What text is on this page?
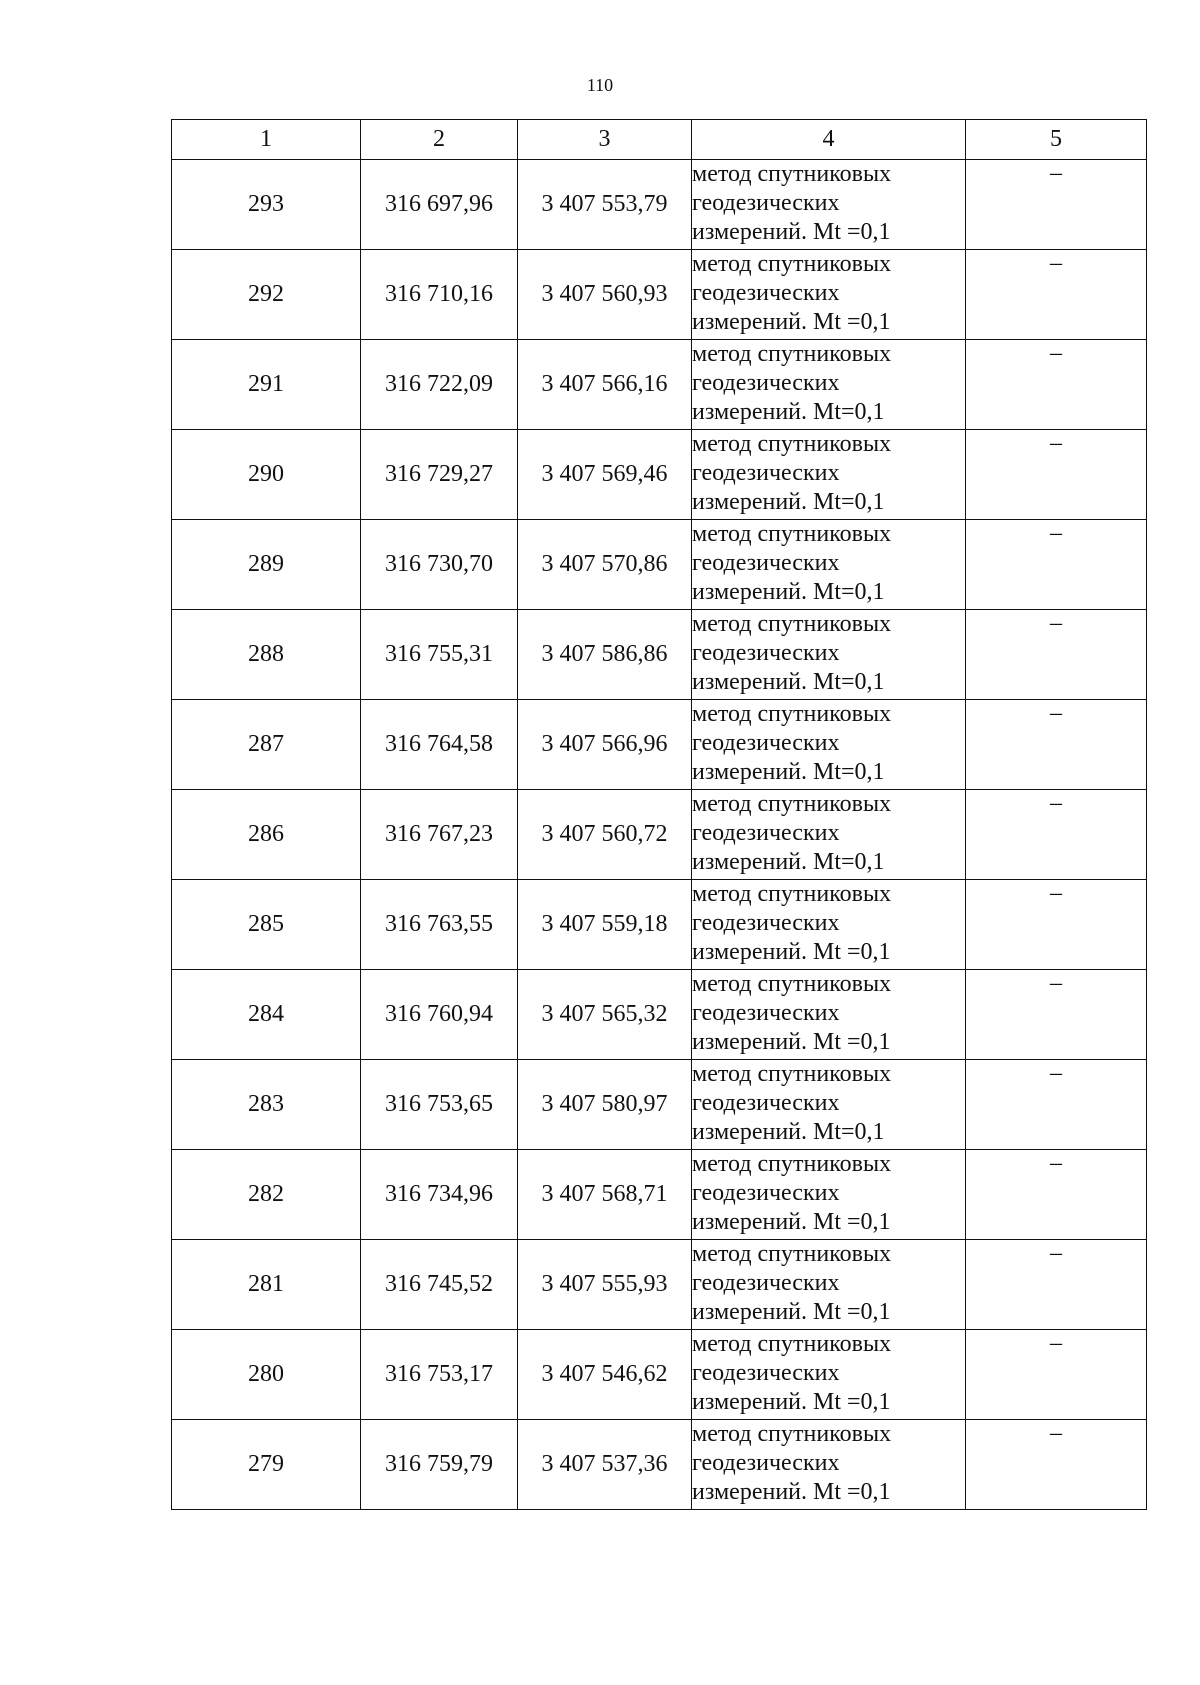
110
1	2	3	4	5
293	316 697,96	3 407 553,79	метод спутниковых
геодезических
измерений. Mt =0,1	–
292	316 710,16	3 407 560,93	метод спутниковых
геодезических
измерений. Mt =0,1	–
291	316 722,09	3 407 566,16	метод спутниковых
геодезических
измерений. Mt=0,1	–
290	316 729,27	3 407 569,46	метод спутниковых
геодезических
измерений. Mt=0,1	–
289	316 730,70	3 407 570,86	метод спутниковых
геодезических
измерений. Mt=0,1	–
288	316 755,31	3 407 586,86	метод спутниковых
геодезических
измерений. Mt=0,1	–
287	316 764,58	3 407 566,96	метод спутниковых
геодезических
измерений. Mt=0,1	–
286	316 767,23	3 407 560,72	метод спутниковых
геодезических
измерений. Mt=0,1	–
285	316 763,55	3 407 559,18	метод спутниковых
геодезических
измерений. Mt =0,1	–
284	316 760,94	3 407 565,32	метод спутниковых
геодезических
измерений. Mt =0,1	–
283	316 753,65	3 407 580,97	метод спутниковых
геодезических
измерений. Mt=0,1	–
282	316 734,96	3 407 568,71	метод спутниковых
геодезических
измерений. Mt =0,1	–
281	316 745,52	3 407 555,93	метод спутниковых
геодезических
измерений. Mt =0,1	–
280	316 753,17	3 407 546,62	метод спутниковых
геодезических
измерений. Mt =0,1	–
279	316 759,79	3 407 537,36	метод спутниковых
геодезических
измерений. Mt =0,1	–
